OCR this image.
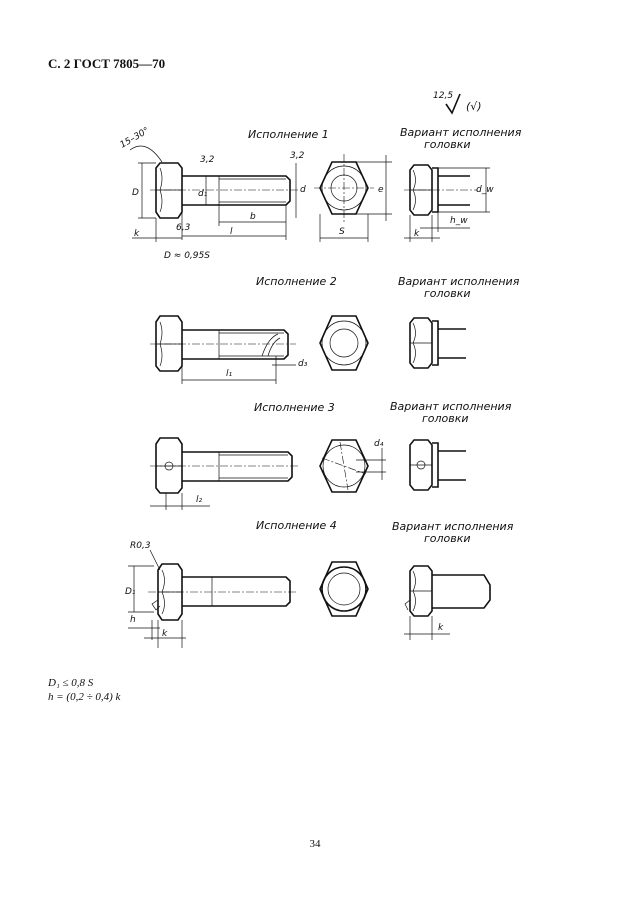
С. 2 ГОСТ 7805—70
12,5
(√)
Исполнение 1	Вариант исполнения
головки
15–30°
3,2
d₁
b
l
k
D
6,3
3,2
d
D ≈ 0,95S
S
e	d_w
h_w
k
Исполнение 2	Вариант исполнения
головки
l₁
d₃
Исполнение 3	Вариант исполнения
головки
l₂
d₄
Исполнение 4	Вариант исполнения
головки
R0,3
D₁
h
k
k
D₁ ≤ 0,8 S
h = (0,2 ÷ 0,4) k
34
